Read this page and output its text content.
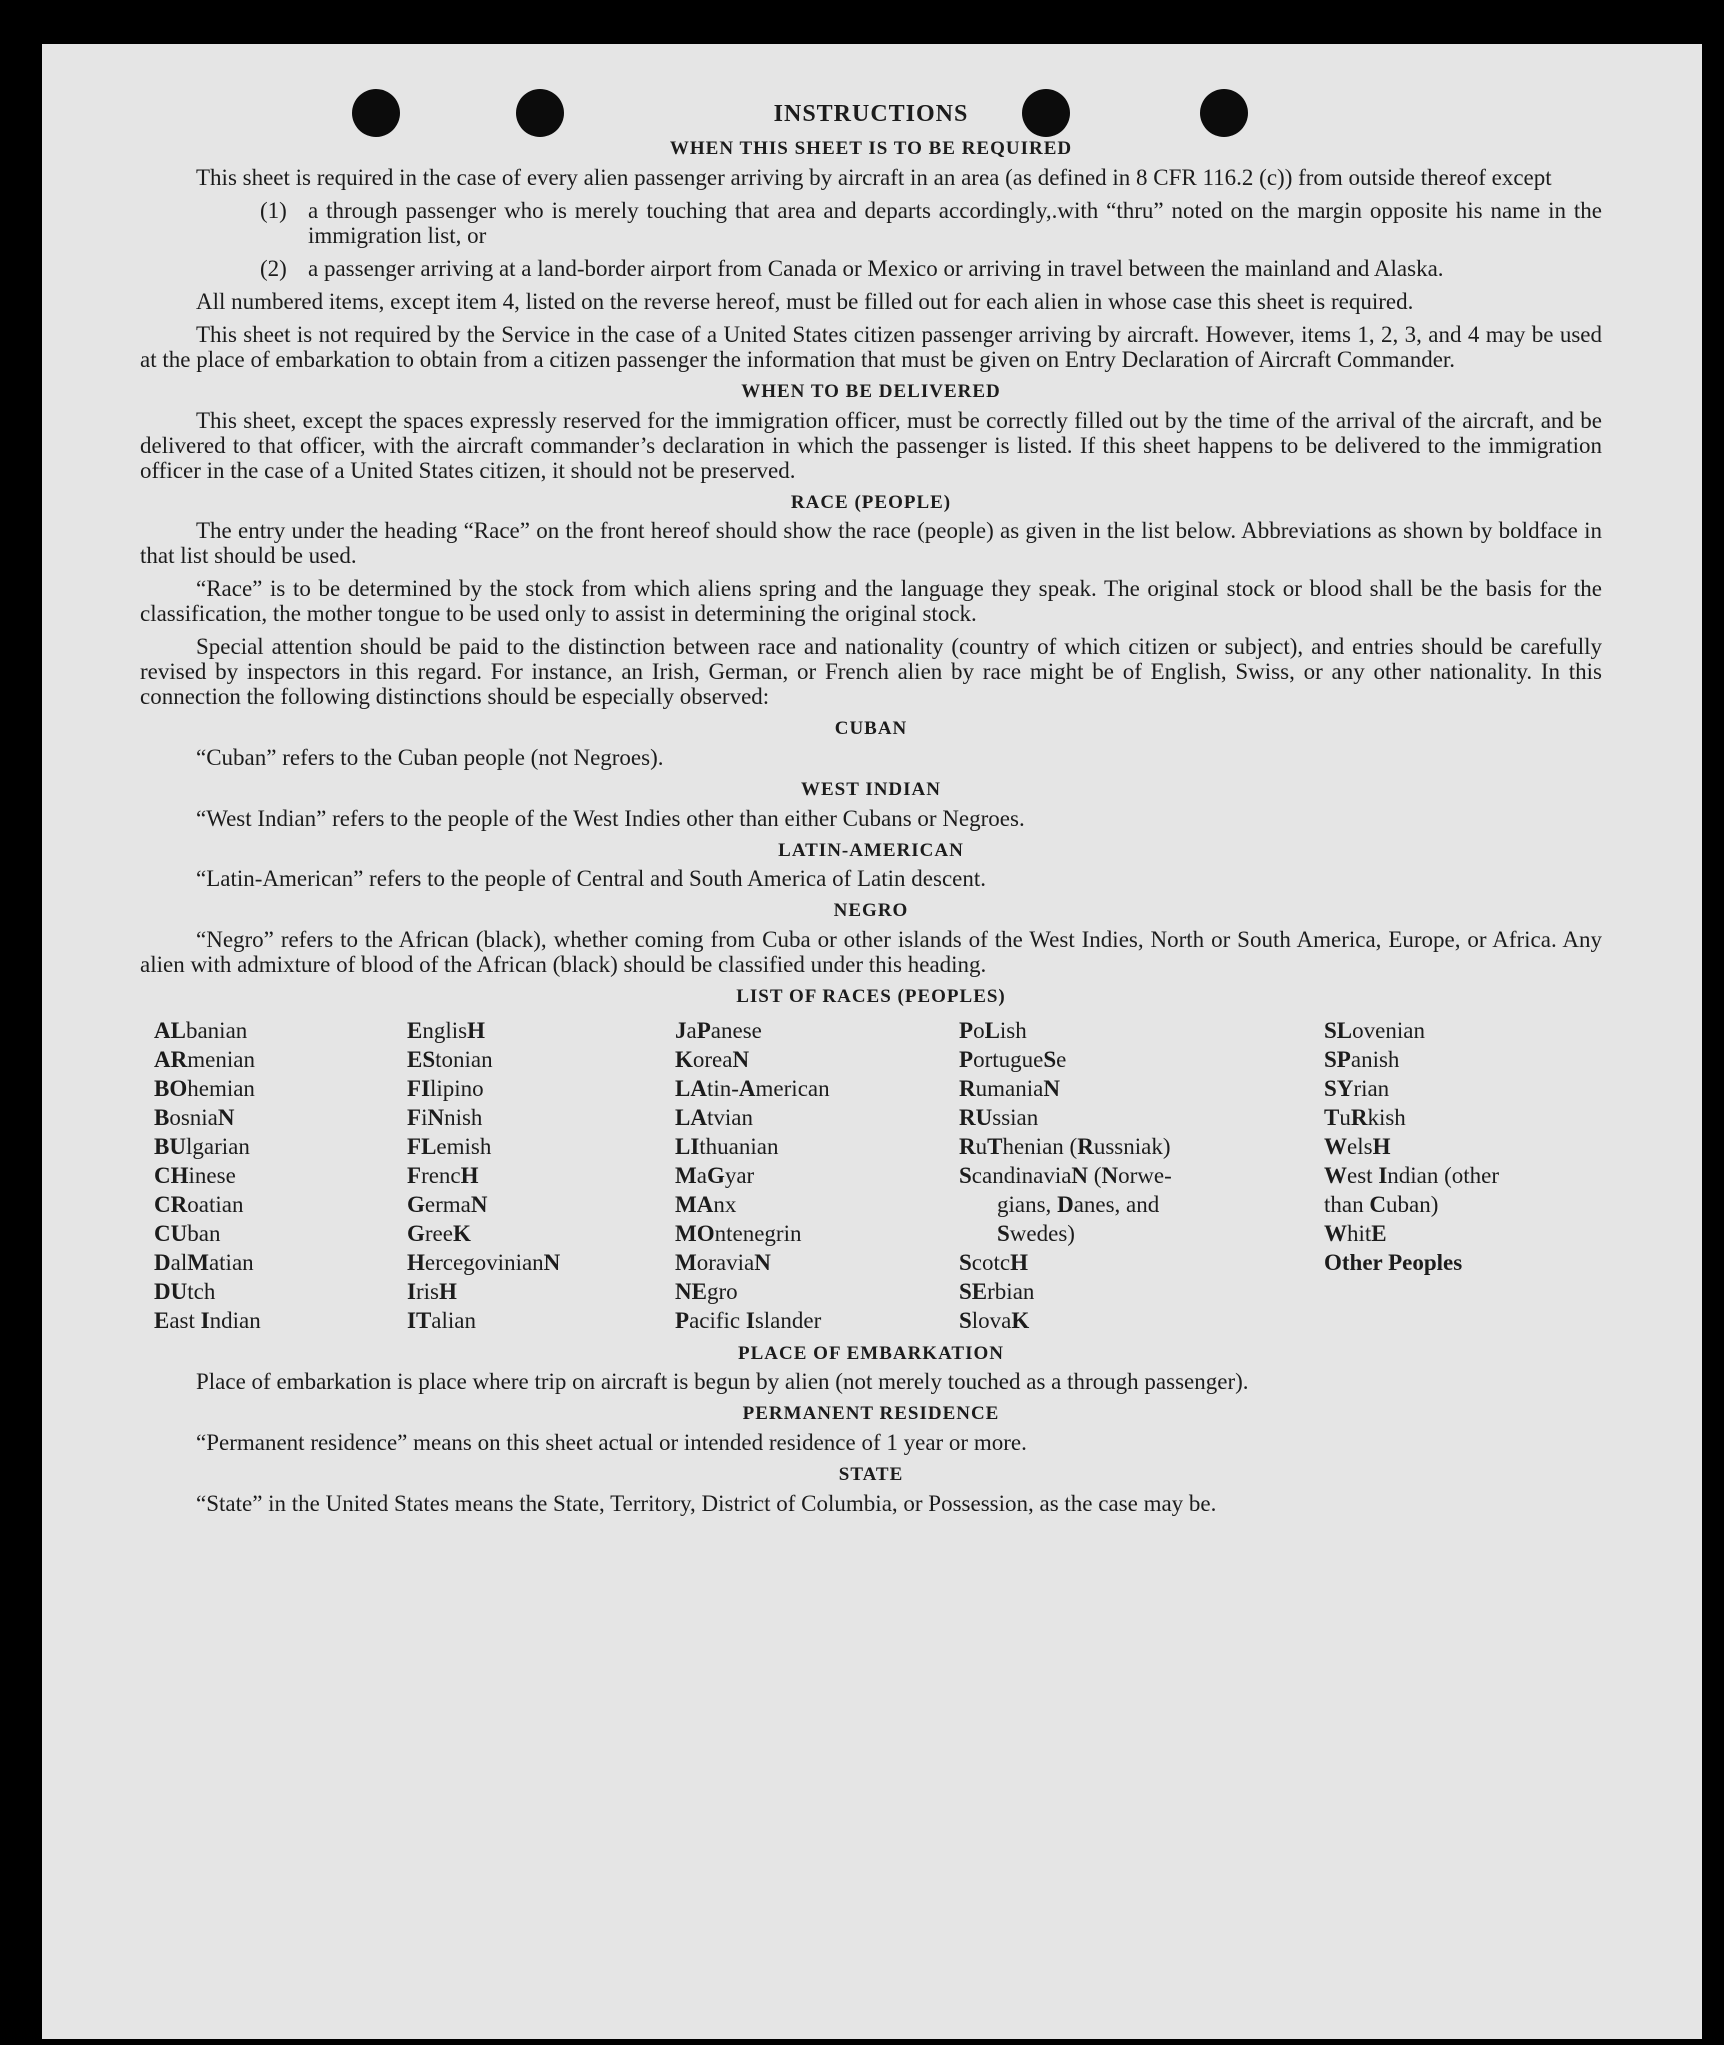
INSTRUCTIONS
WHEN THIS SHEET IS TO BE REQUIRED

This sheet is required in the case of every alien passenger arriving by aircraft in an area (as defined in 8 CFR 116.2 (c)) from outside thereof except

(1) a through passenger who is merely touching that area and departs accordingly,.with “thru” noted on the margin opposite his name in the immigration list, or
(2) a passenger arriving at a land-border airport from Canada or Mexico or arriving in travel between the mainland and Alaska.

All numbered items, except item 4, listed on the reverse hereof, must be filled out for each alien in whose case this sheet is required.

This sheet is not required by the Service in the case of a United States citizen passenger arriving by aircraft. However, items 1, 2, 3, and 4 may be used at the place of embarkation to obtain from a citizen passenger the information that must be given on Entry Declaration of Aircraft Commander.

WHEN TO BE DELIVERED

This sheet, except the spaces expressly reserved for the immigration officer, must be correctly filled out by the time of the arrival of the aircraft, and be delivered to that officer, with the aircraft commander’s declaration in which the passenger is listed. If this sheet happens to be delivered to the immigration officer in the case of a United States citizen, it should not be preserved.

RACE (PEOPLE)

The entry under the heading “Race” on the front hereof should show the race (people) as given in the list below. Abbreviations as shown by boldface in that list should be used.

“Race” is to be determined by the stock from which aliens spring and the language they speak. The original stock or blood shall be the basis for the classification, the mother tongue to be used only to assist in determining the original stock.

Special attention should be paid to the distinction between race and nationality (country of which citizen or subject), and entries should be carefully revised by inspectors in this regard. For instance, an Irish, German, or French alien by race might be of English, Swiss, or any other nationality. In this connection the following distinctions should be especially observed:

CUBAN

“Cuban” refers to the Cuban people (not Negroes).

WEST INDIAN

“West Indian” refers to the people of the West Indies other than either Cubans or Negroes.

LATIN-AMERICAN

“Latin-American” refers to the people of Central and South America of Latin descent.

NEGRO

“Negro” refers to the African (black), whether coming from Cuba or other islands of the West Indies, North or South America, Europe, or Africa. Any alien with admixture of blood of the African (black) should be classified under this heading.

LIST OF RACES (PEOPLES)
ALbanian
ARmenian
BOhemian
BosniaN
BUlgarian
CHinese
CRoatian
CUban
DalMatian
DUtch
East Indian
EnglisH
EStonian
FIlipino
FiNnish
FLemish
FrencH
GermaN
GreeK
HercegovinianN
IrisH
ITalian
JaPanese
KoreaN
LAtin-American
LAtvian
LIthuanian
MaGyar
MAnx
MOntenegrin
MoraviaN
NEgro
Pacific Islander
PoLish
PortugueSe
RumaniaN
RUssian
RuThenian (Russniak)
ScandinaviaN (Norwe-
gians, Danes, and
Swedes)
ScotcH
SErbian
SlovaK
SLovenian
SPanish
SYrian
TuRkish
WelsH
West Indian (other
than Cuban)
WhitE
Other Peoples
PLACE OF EMBARKATION

Place of embarkation is place where trip on aircraft is begun by alien (not merely touched as a through passenger).

PERMANENT RESIDENCE

“Permanent residence” means on this sheet actual or intended residence of 1 year or more.

STATE

“State” in the United States means the State, Territory, District of Columbia, or Possession, as the case may be.
